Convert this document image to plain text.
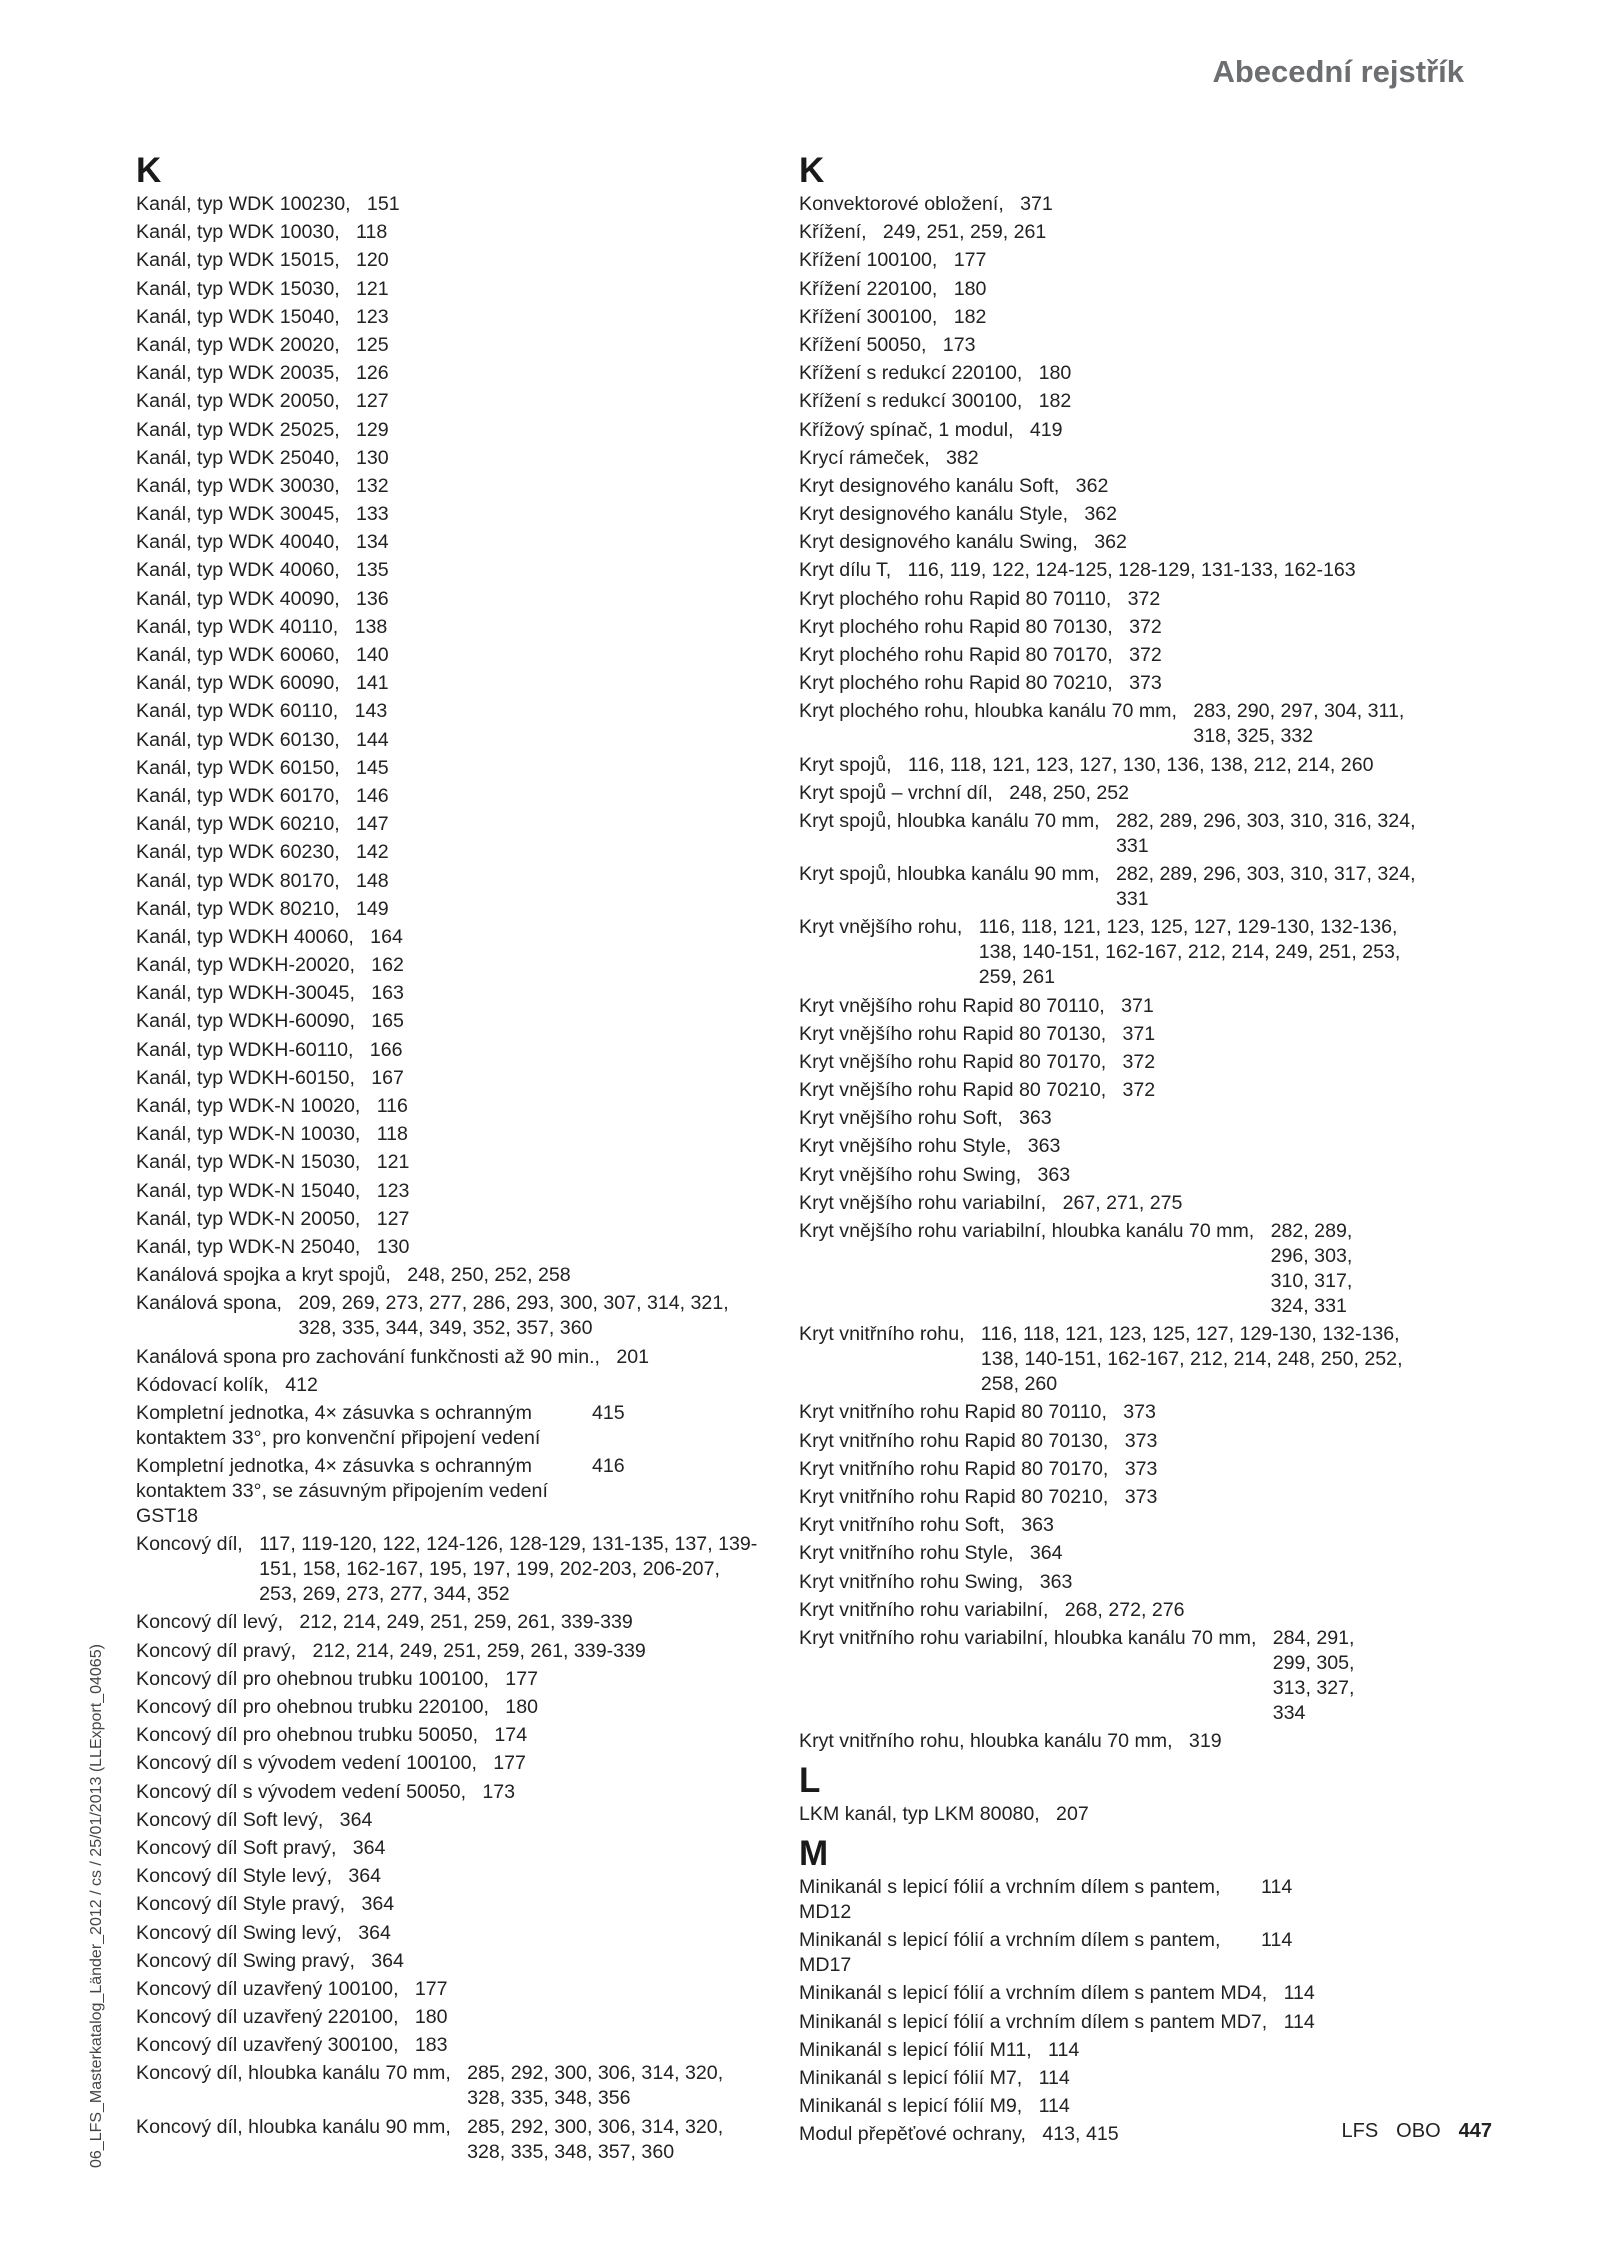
Abecední rejstřík
K
Kanál, typ WDK 100230, 151
Kanál, typ WDK 10030, 118
Kanál, typ WDK 15015, 120
Kanál, typ WDK 15030, 121
Kanál, typ WDK 15040, 123
Kanál, typ WDK 20020, 125
Kanál, typ WDK 20035, 126
Kanál, typ WDK 20050, 127
Kanál, typ WDK 25025, 129
Kanál, typ WDK 25040, 130
Kanál, typ WDK 30030, 132
Kanál, typ WDK 30045, 133
Kanál, typ WDK 40040, 134
Kanál, typ WDK 40060, 135
Kanál, typ WDK 40090, 136
Kanál, typ WDK 40110, 138
Kanál, typ WDK 60060, 140
Kanál, typ WDK 60090, 141
Kanál, typ WDK 60110, 143
Kanál, typ WDK 60130, 144
Kanál, typ WDK 60150, 145
Kanál, typ WDK 60170, 146
Kanál, typ WDK 60210, 147
Kanál, typ WDK 60230, 142
Kanál, typ WDK 80170, 148
Kanál, typ WDK 80210, 149
Kanál, typ WDKH 40060, 164
Kanál, typ WDKH-20020, 162
Kanál, typ WDKH-30045, 163
Kanál, typ WDKH-60090, 165
Kanál, typ WDKH-60110, 166
Kanál, typ WDKH-60150, 167
Kanál, typ WDK-N 10020, 116
Kanál, typ WDK-N 10030, 118
Kanál, typ WDK-N 15030, 121
Kanál, typ WDK-N 15040, 123
Kanál, typ WDK-N 20050, 127
Kanál, typ WDK-N 25040, 130
Kanálová spojka a kryt spojů, 248, 250, 252, 258
Kanálová spona, 209, 269, 273, 277, 286, 293, 300, 307, 314, 321, 328, 335, 344, 349, 352, 357, 360
Kanálová spona pro zachování funkčnosti až 90 min., 201
Kódovací kolík, 412
Kompletní jednotka, 4× zásuvka s ochranným kontaktem 33°, pro konvenční připojení vedení

415
Kompletní jednotka, 4× zásuvka s ochranným kontaktem 33°, se zásuvným připojením vedení GST18

416
Koncový díl, 117, 119-120, 122, 124-126, 128-129, 131-135, 137, 139-151, 158, 162-167, 195, 197, 199, 202-203, 206-207, 253, 269, 273, 277, 344, 352
Koncový díl levý, 212, 214, 249, 251, 259, 261, 339-339
Koncový díl pravý, 212, 214, 249, 251, 259, 261, 339-339
Koncový díl pro ohebnou trubku 100100, 177
Koncový díl pro ohebnou trubku 220100, 180
Koncový díl pro ohebnou trubku 50050, 174
Koncový díl s vývodem vedení 100100, 177
Koncový díl s vývodem vedení 50050, 173
Koncový díl Soft levý, 364
Koncový díl Soft pravý, 364
Koncový díl Style levý, 364
Koncový díl Style pravý, 364
Koncový díl Swing levý, 364
Koncový díl Swing pravý, 364
Koncový díl uzavřený 100100, 177
Koncový díl uzavřený 220100, 180
Koncový díl uzavřený 300100, 183
Koncový díl, hloubka kanálu 70 mm, 285, 292, 300, 306, 314, 320, 328, 335, 348, 356
Koncový díl, hloubka kanálu 90 mm, 285, 292, 300, 306, 314, 320, 328, 335, 348, 357, 360
K
Konvektorové obložení, 371
Křížení, 249, 251, 259, 261
Křížení 100100, 177
Křížení 220100, 180
Křížení 300100, 182
Křížení 50050, 173
Křížení s redukcí 220100, 180
Křížení s redukcí 300100, 182
Křížový spínač, 1 modul, 419
Krycí rámeček, 382
Kryt designového kanálu Soft, 362
Kryt designového kanálu Style, 362
Kryt designového kanálu Swing, 362
Kryt dílu T, 116, 119, 122, 124-125, 128-129, 131-133, 162-163
Kryt plochého rohu Rapid 80 70110, 372
Kryt plochého rohu Rapid 80 70130, 372
Kryt plochého rohu Rapid 80 70170, 372
Kryt plochého rohu Rapid 80 70210, 373
Kryt plochého rohu, hloubka kanálu 70 mm, 283, 290, 297, 304, 311, 318, 325, 332
Kryt spojů, 116, 118, 121, 123, 127, 130, 136, 138, 212, 214, 260
Kryt spojů – vrchní díl, 248, 250, 252
Kryt spojů, hloubka kanálu 70 mm, 282, 289, 296, 303, 310, 316, 324, 331
Kryt spojů, hloubka kanálu 90 mm, 282, 289, 296, 303, 310, 317, 324, 331
Kryt vnějšího rohu, 116, 118, 121, 123, 125, 127, 129-130, 132-136, 138, 140-151, 162-167, 212, 214, 249, 251, 253, 259, 261
Kryt vnějšího rohu Rapid 80 70110, 371
Kryt vnějšího rohu Rapid 80 70130, 371
Kryt vnějšího rohu Rapid 80 70170, 372
Kryt vnějšího rohu Rapid 80 70210, 372
Kryt vnějšího rohu Soft, 363
Kryt vnějšího rohu Style, 363
Kryt vnějšího rohu Swing, 363
Kryt vnějšího rohu variabilní, 267, 271, 275
Kryt vnějšího rohu variabilní, hloubka kanálu 70 mm, 282, 289, 296, 303, 310, 317, 324, 331
Kryt vnitřního rohu, 116, 118, 121, 123, 125, 127, 129-130, 132-136, 138, 140-151, 162-167, 212, 214, 248, 250, 252, 258, 260
Kryt vnitřního rohu Rapid 80 70110, 373
Kryt vnitřního rohu Rapid 80 70130, 373
Kryt vnitřního rohu Rapid 80 70170, 373
Kryt vnitřního rohu Rapid 80 70210, 373
Kryt vnitřního rohu Soft, 363
Kryt vnitřního rohu Style, 364
Kryt vnitřního rohu Swing, 363
Kryt vnitřního rohu variabilní, 268, 272, 276
Kryt vnitřního rohu variabilní, hloubka kanálu 70 mm, 284, 291, 299, 305, 313, 327, 334
Kryt vnitřního rohu, hloubka kanálu 70 mm, 319
L
LKM kanál, typ LKM 80080, 207
M
Minikanál s lepicí fólií a vrchním dílem s pantem, MD12

114
Minikanál s lepicí fólií a vrchním dílem s pantem, MD17

114
Minikanál s lepicí fólií a vrchním dílem s pantem MD4, 114
Minikanál s lepicí fólií a vrchním dílem s pantem MD7, 114
Minikanál s lepicí fólií M11, 114
Minikanál s lepicí fólií M7, 114
Minikanál s lepicí fólií M9, 114
Modul přepěťové ochrany, 413, 415
06_LFS_Masterkatalog_Länder_2012 / cs / 25/01/2013 (LLExport_04065)	LFS OBO 447
